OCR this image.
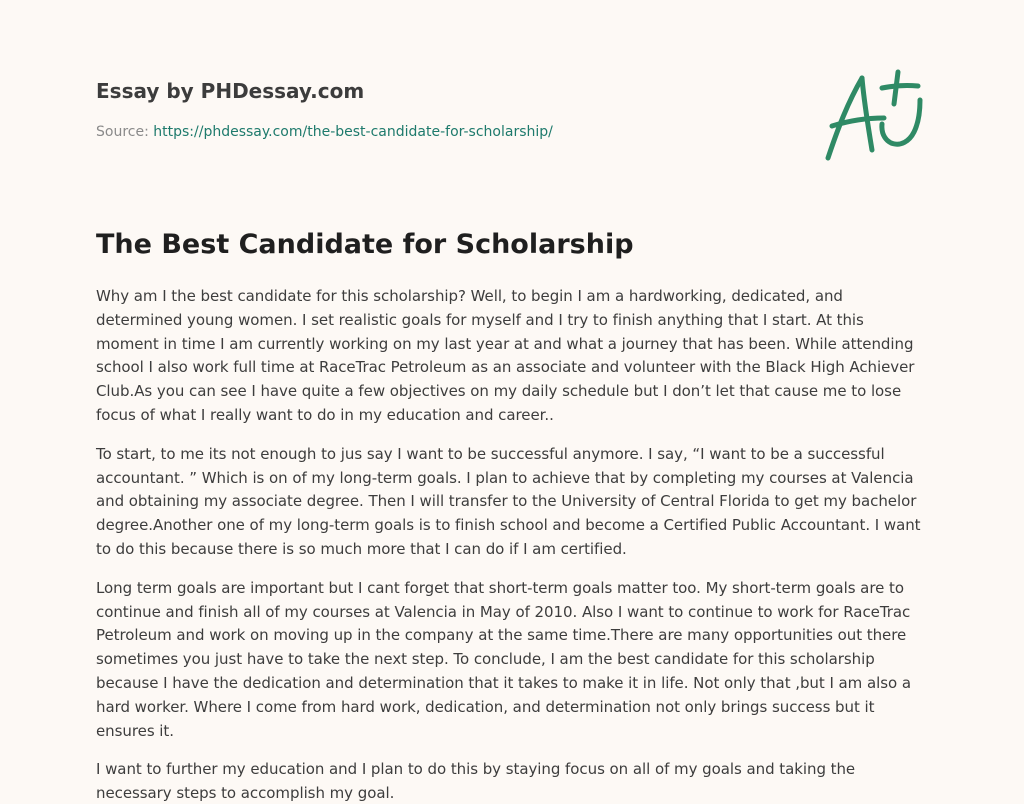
Essay by PHDessay.com
Source: https://phdessay.com/the-best-candidate-for-scholarship/
The Best Candidate for Scholarship

Why am I the best candidate for this scholarship? Well, to begin I am a hardworking, dedicated, and determined young women. I set realistic goals for myself and I try to finish anything that I start. At this moment in time I am currently working on my last year at and what a journey that has been. While attending school I also work full time at RaceTrac Petroleum as an associate and volunteer with the Black High Achiever Club.As you can see I have quite a few objectives on my daily schedule but I don’t let that cause me to lose focus of what I really want to do in my education and career..

To start, to me its not enough to jus say I want to be successful anymore. I say, “I want to be a successful accountant. ” Which is on of my long-term goals. I plan to achieve that by completing my courses at Valencia and obtaining my associate degree. Then I will transfer to the University of Central Florida to get my bachelor degree.Another one of my long-term goals is to finish school and become a Certified Public Accountant. I want to do this because there is so much more that I can do if I am certified.

Long term goals are important but I cant forget that short-term goals matter too. My short-term goals are to continue and finish all of my courses at Valencia in May of 2010. Also I want to continue to work for RaceTrac Petroleum and work on moving up in the company at the same time.There are many opportunities out there sometimes you just have to take the next step. To conclude, I am the best candidate for this scholarship because I have the dedication and determination that it takes to make it in life. Not only that ,but I am also a hard worker. Where I come from hard work, dedication, and determination not only brings success but it ensures it.

I want to further my education and I plan to do this by staying focus on all of my goals and taking the necessary steps to accomplish my goal.
